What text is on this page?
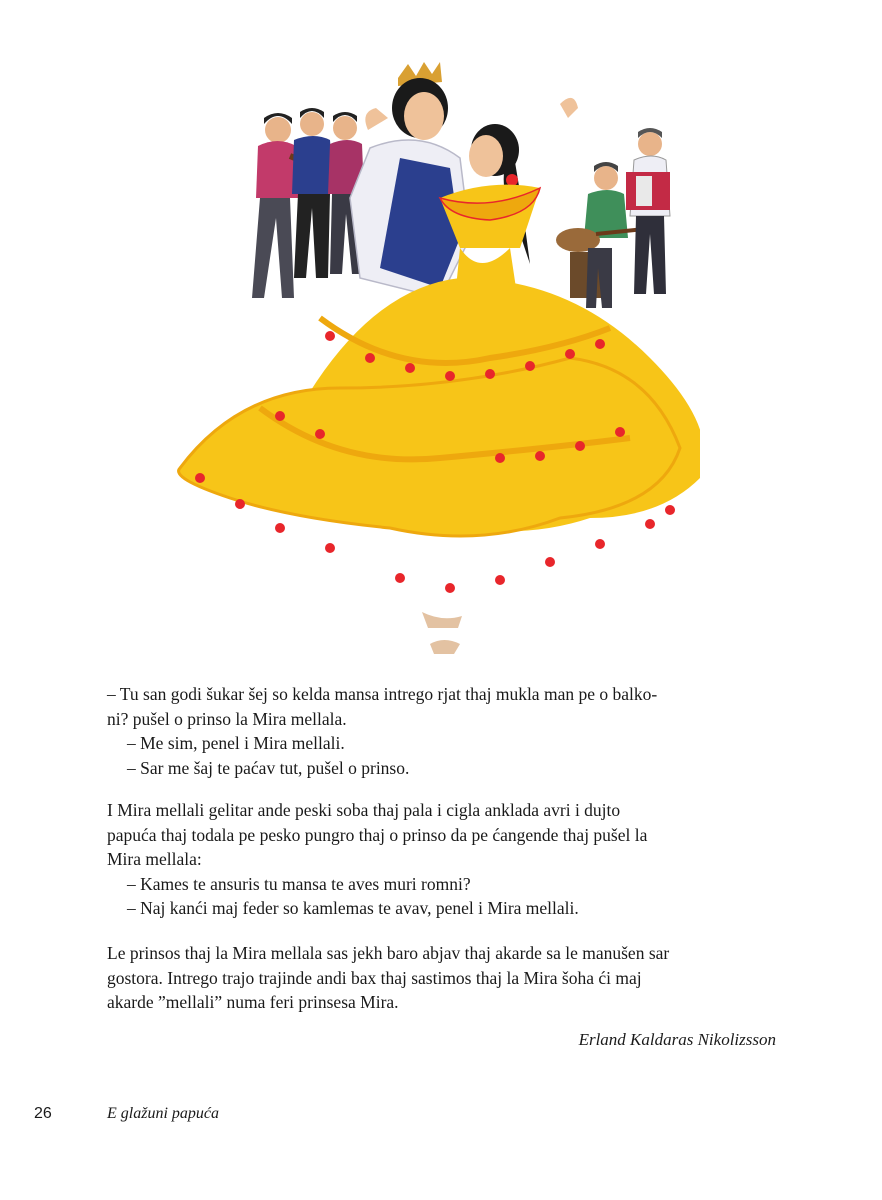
– Tu san godi šukar šej so kelda mansa intrego rjat thaj mukla man pe o balko-

ni? pušel o prinso la Mira mellala.

– Me sim, penel i Mira mellali.

– Sar me šaj te paćav tut, pušel o prinso.

I Mira mellali gelitar ande peski soba thaj pala i cigla anklada avri i dujto

papuća thaj todala pe pesko pungro thaj o prinso da pe ćangende thaj pušel la

Mira mellala:

– Kames te ansuris tu mansa te aves muri romni?

– Naj kanći maj feder so kamlemas te avav, penel i Mira mellali.

Le prinsos thaj la Mira mellala sas jekh baro abjav thaj akarde sa le manušen sar

gostora. Intrego trajo trajinde andi bax thaj sastimos thaj la Mira šoha ći maj

akarde ”mellali” numa feri prinsesa Mira.

Erland Kaldaras Nikolizsson
26	E glažuni papuća
